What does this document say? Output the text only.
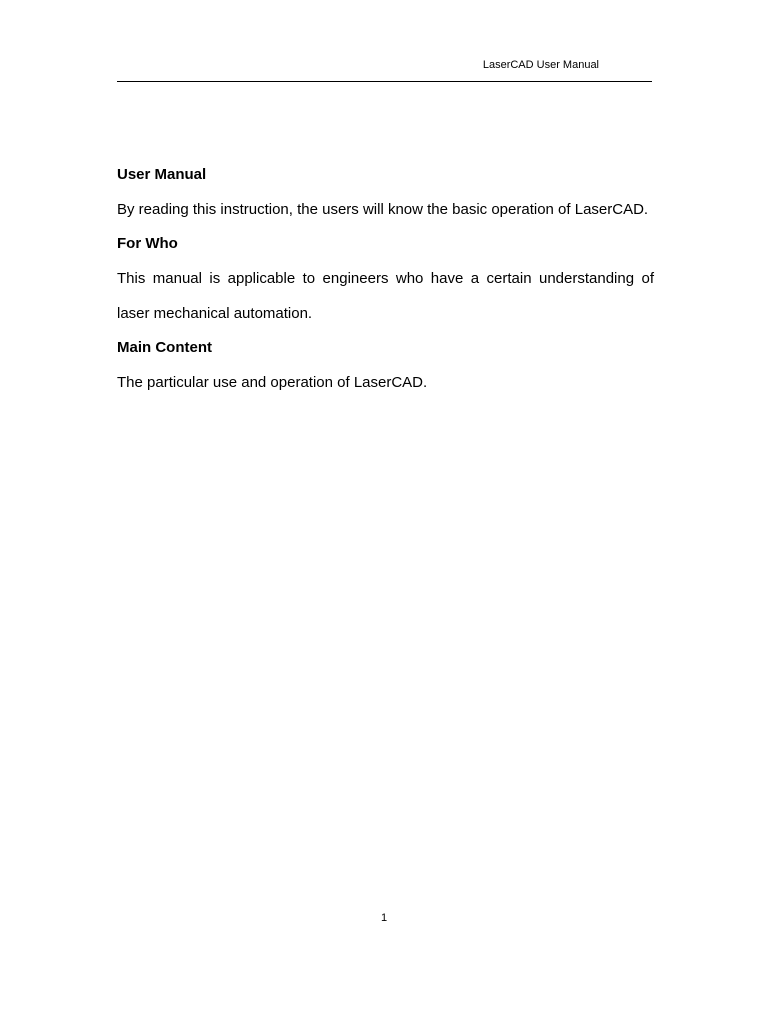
LaserCAD User Manual
User Manual

By reading this instruction, the users will know the basic operation of LaserCAD.

For Who

This manual is applicable to engineers who have a certain understanding of laser mechanical automation.

Main Content

The particular use and operation of LaserCAD.

1
